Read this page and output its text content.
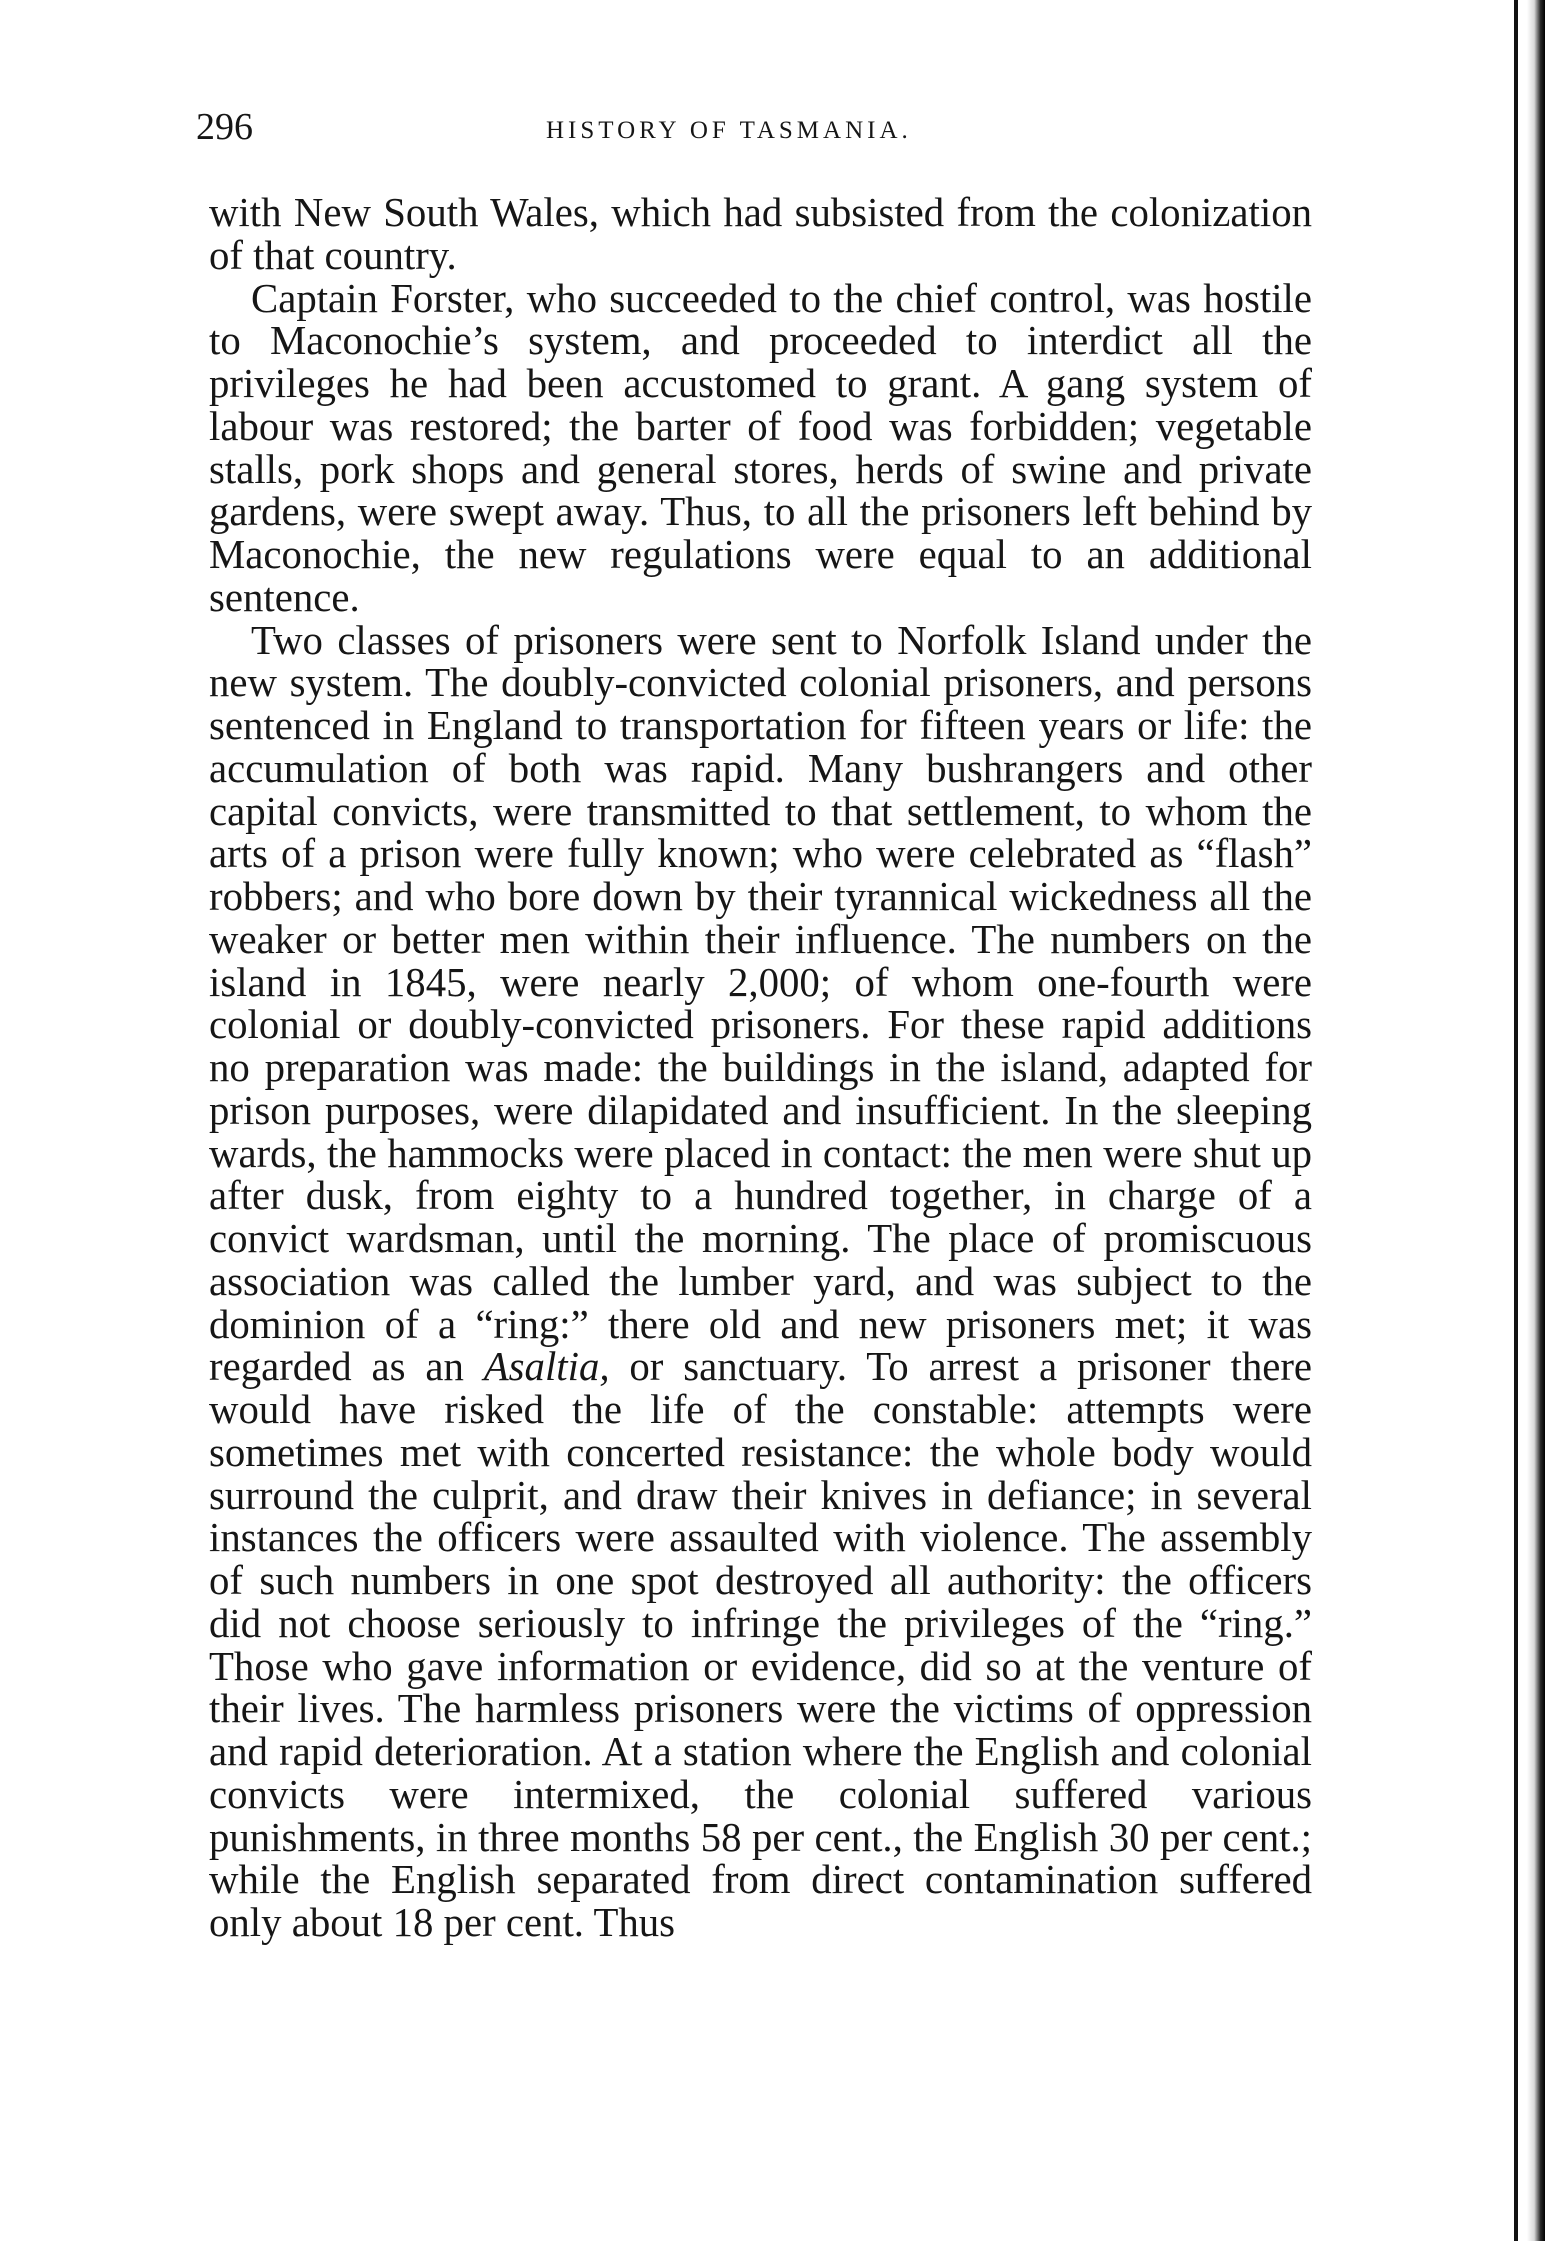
296	HISTORY OF TASMANIA.

with New South Wales, which had subsisted from the colonization of that country.

Captain Forster, who succeeded to the chief control, was hostile to Maconochie’s system, and proceeded to interdict all the privileges he had been accustomed to grant. A gang system of labour was restored; the barter of food was forbidden; vegetable stalls, pork shops and general stores, herds of swine and private gardens, were swept away. Thus, to all the prisoners left behind by Maconochie, the new regulations were equal to an additional sentence.

Two classes of prisoners were sent to Norfolk Island under the new system. The doubly-convicted colonial prisoners, and persons sentenced in England to transportation for fifteen years or life: the accumulation of both was rapid. Many bushrangers and other capital convicts, were transmitted to that settlement, to whom the arts of a prison were fully known; who were celebrated as “flash” robbers; and who bore down by their tyrannical wickedness all the weaker or better men within their influence. The numbers on the island in 1845, were nearly 2,000; of whom one-fourth were colonial or doubly-convicted prisoners. For these rapid additions no preparation was made: the buildings in the island, adapted for prison purposes, were dilapidated and insufficient. In the sleeping wards, the hammocks were placed in contact: the men were shut up after dusk, from eighty to a hundred together, in charge of a convict wardsman, until the morning. The place of promiscuous association was called the lumber yard, and was subject to the dominion of a “ring:” there old and new prisoners met; it was regarded as an Asaltia, or sanctuary. To arrest a prisoner there would have risked the life of the constable: attempts were sometimes met with concerted resistance: the whole body would surround the culprit, and draw their knives in defiance; in several instances the officers were assaulted with violence. The assembly of such numbers in one spot destroyed all authority: the officers did not choose seriously to infringe the privileges of the “ring.” Those who gave information or evidence, did so at the venture of their lives. The harmless prisoners were the victims of oppression and rapid deterioration. At a station where the English and colonial convicts were intermixed, the colonial suffered various punishments, in three months 58 per cent., the English 30 per cent.; while the English separated from direct contamination suffered only about 18 per cent. Thus
